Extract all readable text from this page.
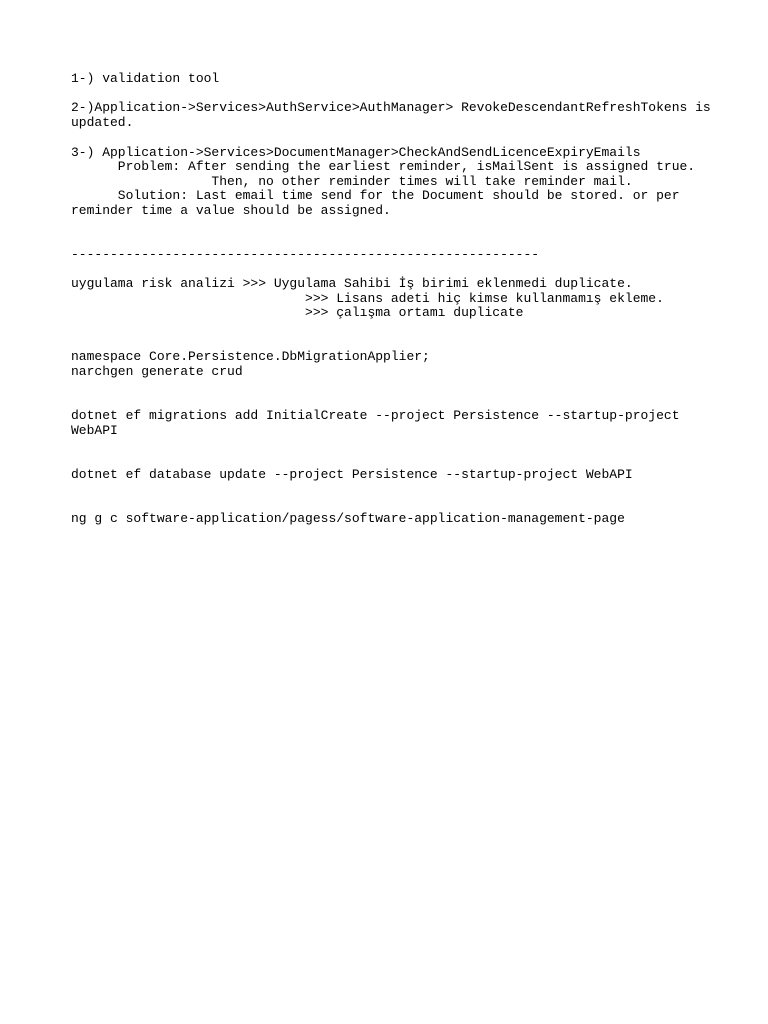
1-) validation tool
2-)Application->Services>AuthService>AuthManager> RevokeDescendantRefreshTokens is
updated.
3-) Application->Services>DocumentManager>CheckAndSendLicenceExpiryEmails
Problem: After sending the earliest reminder, isMailSent is assigned true.
Then, no other reminder times will take reminder mail.
Solution: Last email time send for the Document should be stored. or per
reminder time a value should be assigned.
------------------------------------------------------------
uygulama risk analizi >>> Uygulama Sahibi İş birimi eklenmedi duplicate.
>>> Lisans adeti hiç kimse kullanmamış ekleme.
>>> çalışma ortamı duplicate
namespace Core.Persistence.DbMigrationApplier;
narchgen generate crud
dotnet ef migrations add InitialCreate --project Persistence --startup-project
WebAPI
dotnet ef database update --project Persistence --startup-project WebAPI
ng g c software-application/pagess/software-application-management-page
